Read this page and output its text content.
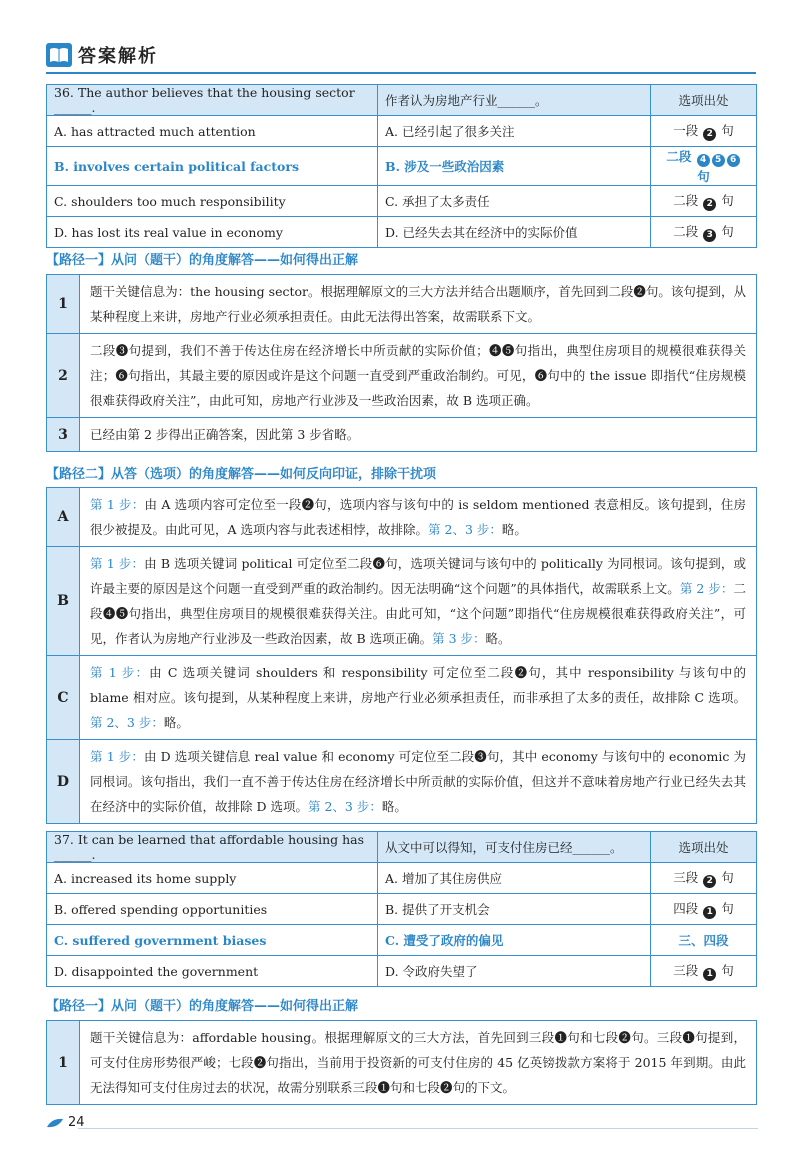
答案解析
36. The author believes that the housing sector ______.	作者认为房地产行业______。	选项出处
A. has attracted much attention	A. 已经引起了很多关注	一段 2 句
B. involves certain political factors	B. 涉及一些政治因素	二段 4 5 6 句
C. shoulders too much responsibility	C. 承担了太多责任	二段 2 句
D. has lost its real value in economy	D. 已经失去其在经济中的实际价值	二段 3 句
【路径一】从问（题干）的角度解答——如何得出正解
1	题干关键信息为：the housing sector。根据理解原文的三大方法并结合出题顺序，首先回到二段❷句。该句提到，从某种程度上来讲，房地产行业必须承担责任。由此无法得出答案，故需联系下文。
2	二段❸句提到，我们不善于传达住房在经济增长中所贡献的实际价值；❹❺句指出，典型住房项目的规模很难获得关注；❻句指出，其最主要的原因或许是这个问题一直受到严重政治制约。可见，❻句中的 the issue 即指代“住房规模很难获得政府关注”，由此可知，房地产行业涉及一些政治因素，故 B 选项正确。
3	已经由第 2 步得出正确答案，因此第 3 步省略。
【路径二】从答（选项）的角度解答——如何反向印证，排除干扰项
A	第 1 步：由 A 选项内容可定位至一段❷句，选项内容与该句中的 is seldom mentioned 表意相反。该句提到，住房很少被提及。由此可见，A 选项内容与此表述相悖，故排除。第 2、3 步：略。
B	第 1 步：由 B 选项关键词 political 可定位至二段❻句，选项关键词与该句中的 politically 为同根词。该句提到，或许最主要的原因是这个问题一直受到严重的政治制约。因无法明确“这个问题”的具体指代，故需联系上文。第 2 步：二段❹❺句指出，典型住房项目的规模很难获得关注。由此可知，“这个问题”即指代“住房规模很难获得政府关注”，可见，作者认为房地产行业涉及一些政治因素，故 B 选项正确。第 3 步：略。
C	第 1 步：由 C 选项关键词 shoulders 和 responsibility 可定位至二段❷句，其中 responsibility 与该句中的 blame 相对应。该句提到，从某种程度上来讲，房地产行业必须承担责任，而非承担了太多的责任，故排除 C 选项。第 2、3 步：略。
D	第 1 步：由 D 选项关键信息 real value 和 economy 可定位至二段❸句，其中 economy 与该句中的 economic 为同根词。该句指出，我们一直不善于传达住房在经济增长中所贡献的实际价值，但这并不意味着房地产行业已经失去其在经济中的实际价值，故排除 D 选项。第 2、3 步：略。
37. It can be learned that affordable housing has ______.	从文中可以得知，可支付住房已经______。	选项出处
A. increased its home supply	A. 增加了其住房供应	三段 2 句
B. offered spending opportunities	B. 提供了开支机会	四段 1 句
C. suffered government biases	C. 遭受了政府的偏见	三、四段
D. disappointed the government	D. 令政府失望了	三段 1 句
【路径一】从问（题干）的角度解答——如何得出正解
1	题干关键信息为：affordable housing。根据理解原文的三大方法，首先回到三段❶句和七段❷句。三段❶句提到，可支付住房形势很严峻；七段❷句指出，当前用于投资新的可支付住房的 45 亿英镑拨款方案将于 2015 年到期。由此无法得知可支付住房过去的状况，故需分别联系三段❶句和七段❷句的下文。
24
